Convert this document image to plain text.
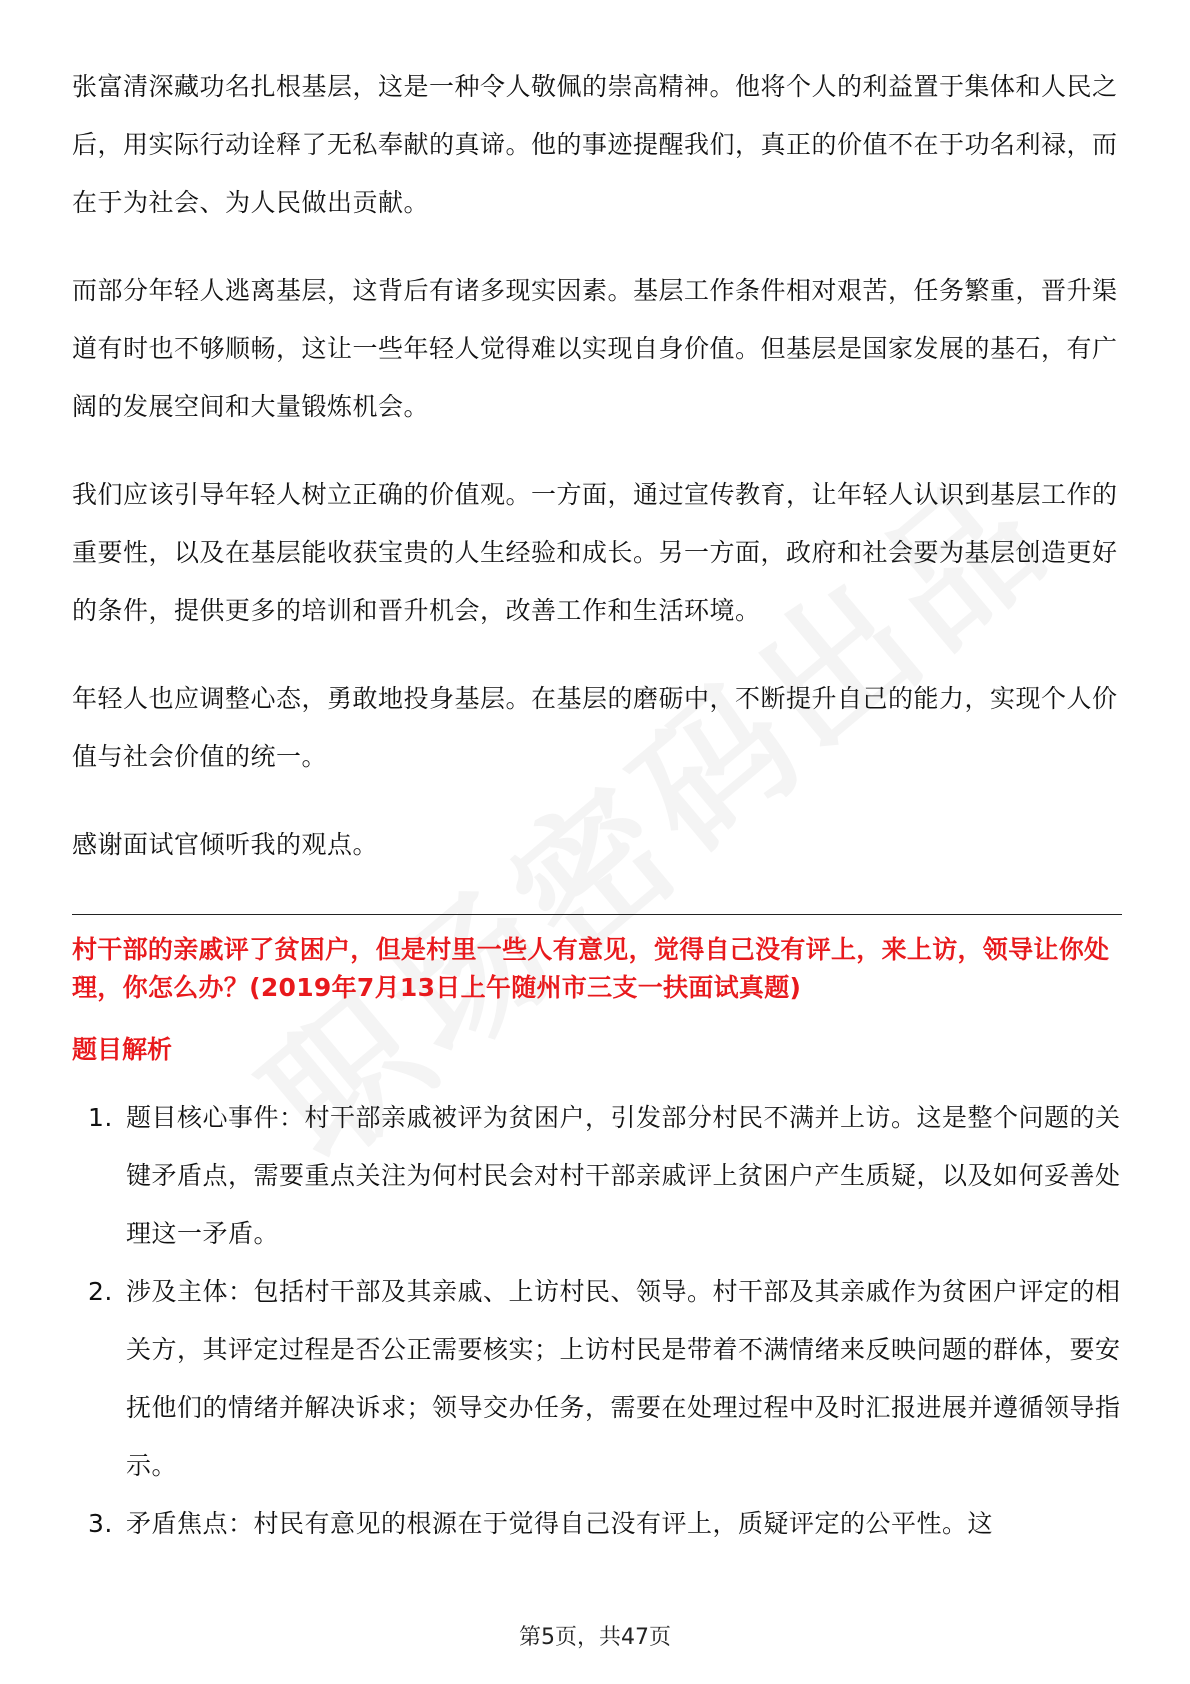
张富清深藏功名扎根基层，这是一种令人敬佩的崇高精神。他将个人的利益置于集体和人民之后，用实际行动诠释了无私奉献的真谛。他的事迹提醒我们，真正的价值不在于功名利禄，而在于为社会、为人民做出贡献。

而部分年轻人逃离基层，这背后有诸多现实因素。基层工作条件相对艰苦，任务繁重，晋升渠道有时也不够顺畅，这让一些年轻人觉得难以实现自身价值。但基层是国家发展的基石，有广阔的发展空间和大量锻炼机会。

我们应该引导年轻人树立正确的价值观。一方面，通过宣传教育，让年轻人认识到基层工作的重要性，以及在基层能收获宝贵的人生经验和成长。另一方面，政府和社会要为基层创造更好的条件，提供更多的培训和晋升机会，改善工作和生活环境。

年轻人也应调整心态，勇敢地投身基层。在基层的磨砺中，不断提升自己的能力，实现个人价值与社会价值的统一。

感谢面试官倾听我的观点。

村干部的亲戚评了贫困户，但是村里一些人有意见，觉得自己没有评上，来上访，领导让你处理，你怎么办？(2019年7月13日上午随州市三支一扶面试真题)

题目解析

1. 题目核心事件：村干部亲戚被评为贫困户，引发部分村民不满并上访。这是整个问题的关键矛盾点，需要重点关注为何村民会对村干部亲戚评上贫困户产生质疑，以及如何妥善处理这一矛盾。
2. 涉及主体：包括村干部及其亲戚、上访村民、领导。村干部及其亲戚作为贫困户评定的相关方，其评定过程是否公正需要核实；上访村民是带着不满情绪来反映问题的群体，要安抚他们的情绪并解决诉求；领导交办任务，需要在处理过程中及时汇报进展并遵循领导指示。
3. 矛盾焦点：村民有意见的根源在于觉得自己没有评上，质疑评定的公平性。这
第5页，共47页
